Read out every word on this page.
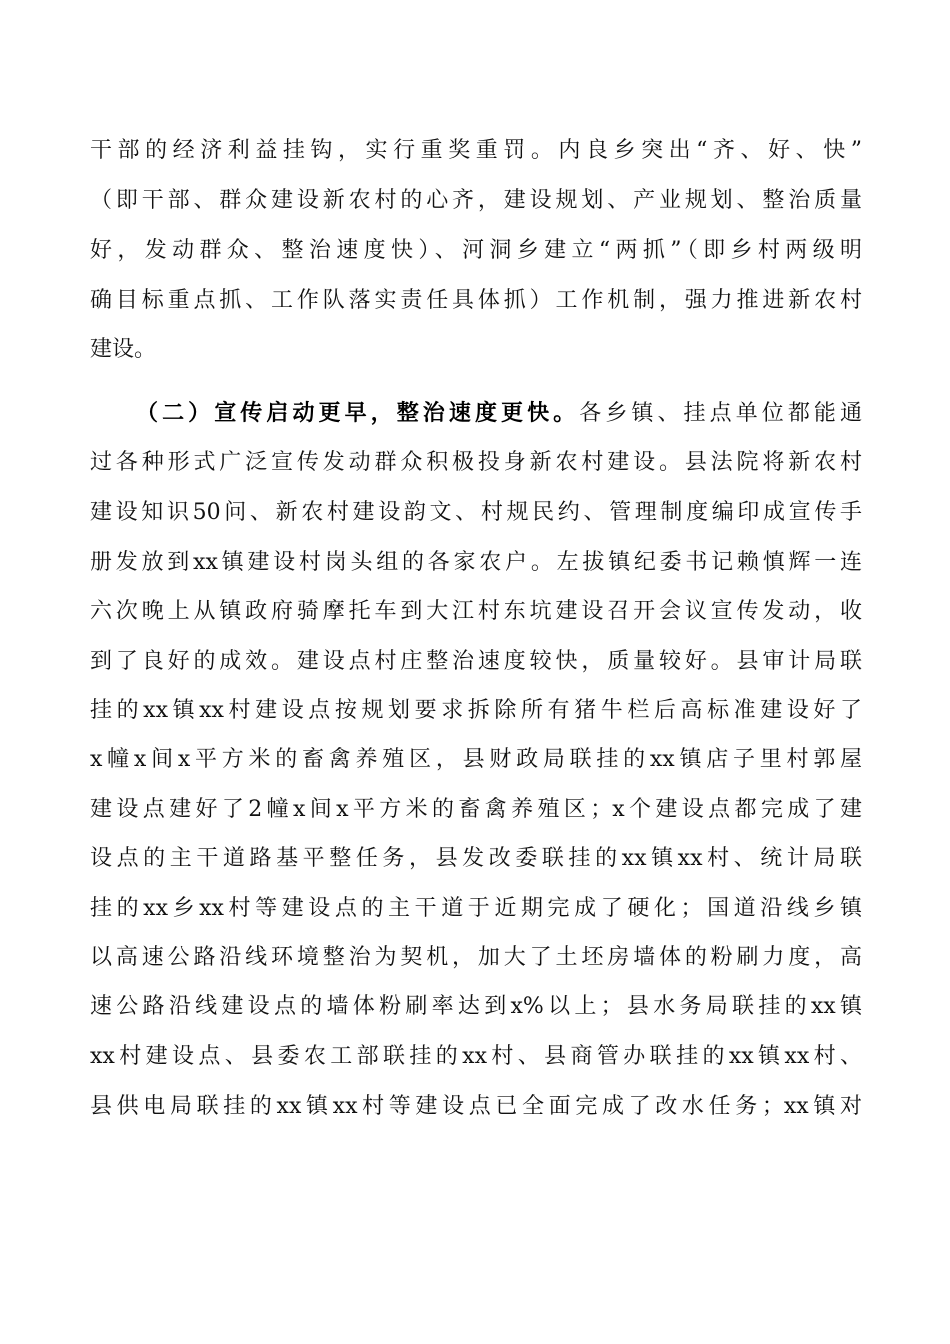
干部的经济利益挂钩，实行重奖重罚。内良乡突出“齐、好、快”
（即干部、群众建设新农村的心齐，建设规划、产业规划、整治质量
好，发动群众、整治速度快）、河洞乡建立“两抓”（即乡村两级明
确目标重点抓、工作队落实责任具体抓）工作机制，强力推进新农村
建设。
（二）宣传启动更早，整治速度更快。各乡镇、挂点单位都能通
过各种形式广泛宣传发动群众积极投身新农村建设。县法院将新农村
建设知识50问、新农村建设韵文、村规民约、管理制度编印成宣传手
册发放到xx镇建设村岗头组的各家农户。左拔镇纪委书记赖慎辉一连
六次晚上从镇政府骑摩托车到大江村东坑建设召开会议宣传发动，收
到了良好的成效。建设点村庄整治速度较快，质量较好。县审计局联
挂的xx镇xx村建设点按规划要求拆除所有猪牛栏后高标准建设好了
x幢x间x平方米的畜禽养殖区，县财政局联挂的xx镇店子里村郭屋
建设点建好了2幢x间x平方米的畜禽养殖区；x个建设点都完成了建
设点的主干道路基平整任务，县发改委联挂的xx镇xx村、统计局联
挂的xx乡xx村等建设点的主干道于近期完成了硬化；国道沿线乡镇
以高速公路沿线环境整治为契机，加大了土坯房墙体的粉刷力度，高
速公路沿线建设点的墙体粉刷率达到x%以上；县水务局联挂的xx镇
xx村建设点、县委农工部联挂的xx村、县商管办联挂的xx镇xx村、
县供电局联挂的xx镇xx村等建设点已全面完成了改水任务；xx镇对
